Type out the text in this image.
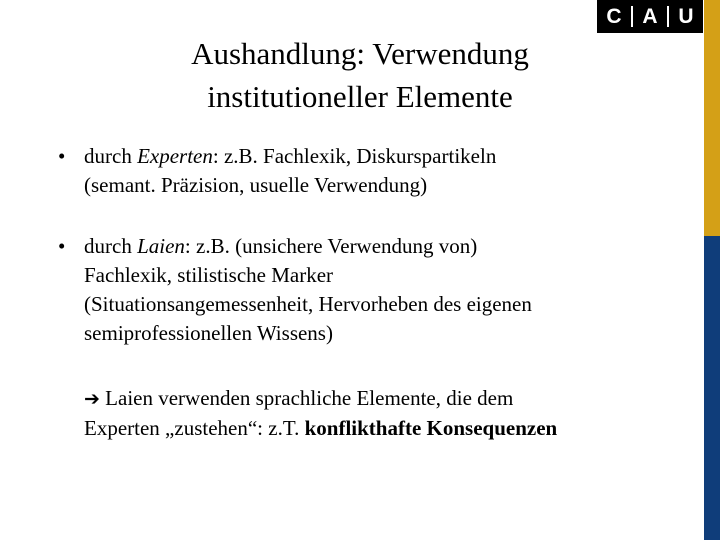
C A U
Aushandlung: Verwendung
institutioneller Elemente
• durch Experten: z.B. Fachlexik, Diskurspartikeln
(semant. Präzision, usuelle Verwendung)
• durch Laien: z.B. (unsichere Verwendung von)
Fachlexik, stilistische Marker
(Situationsangemessenheit, Hervorheben des eigenen
semiprofessionellen Wissens)
➔ Laien verwenden sprachliche Elemente, die dem
Experten „zustehen“: z.T. konflikthafte Konsequenzen
